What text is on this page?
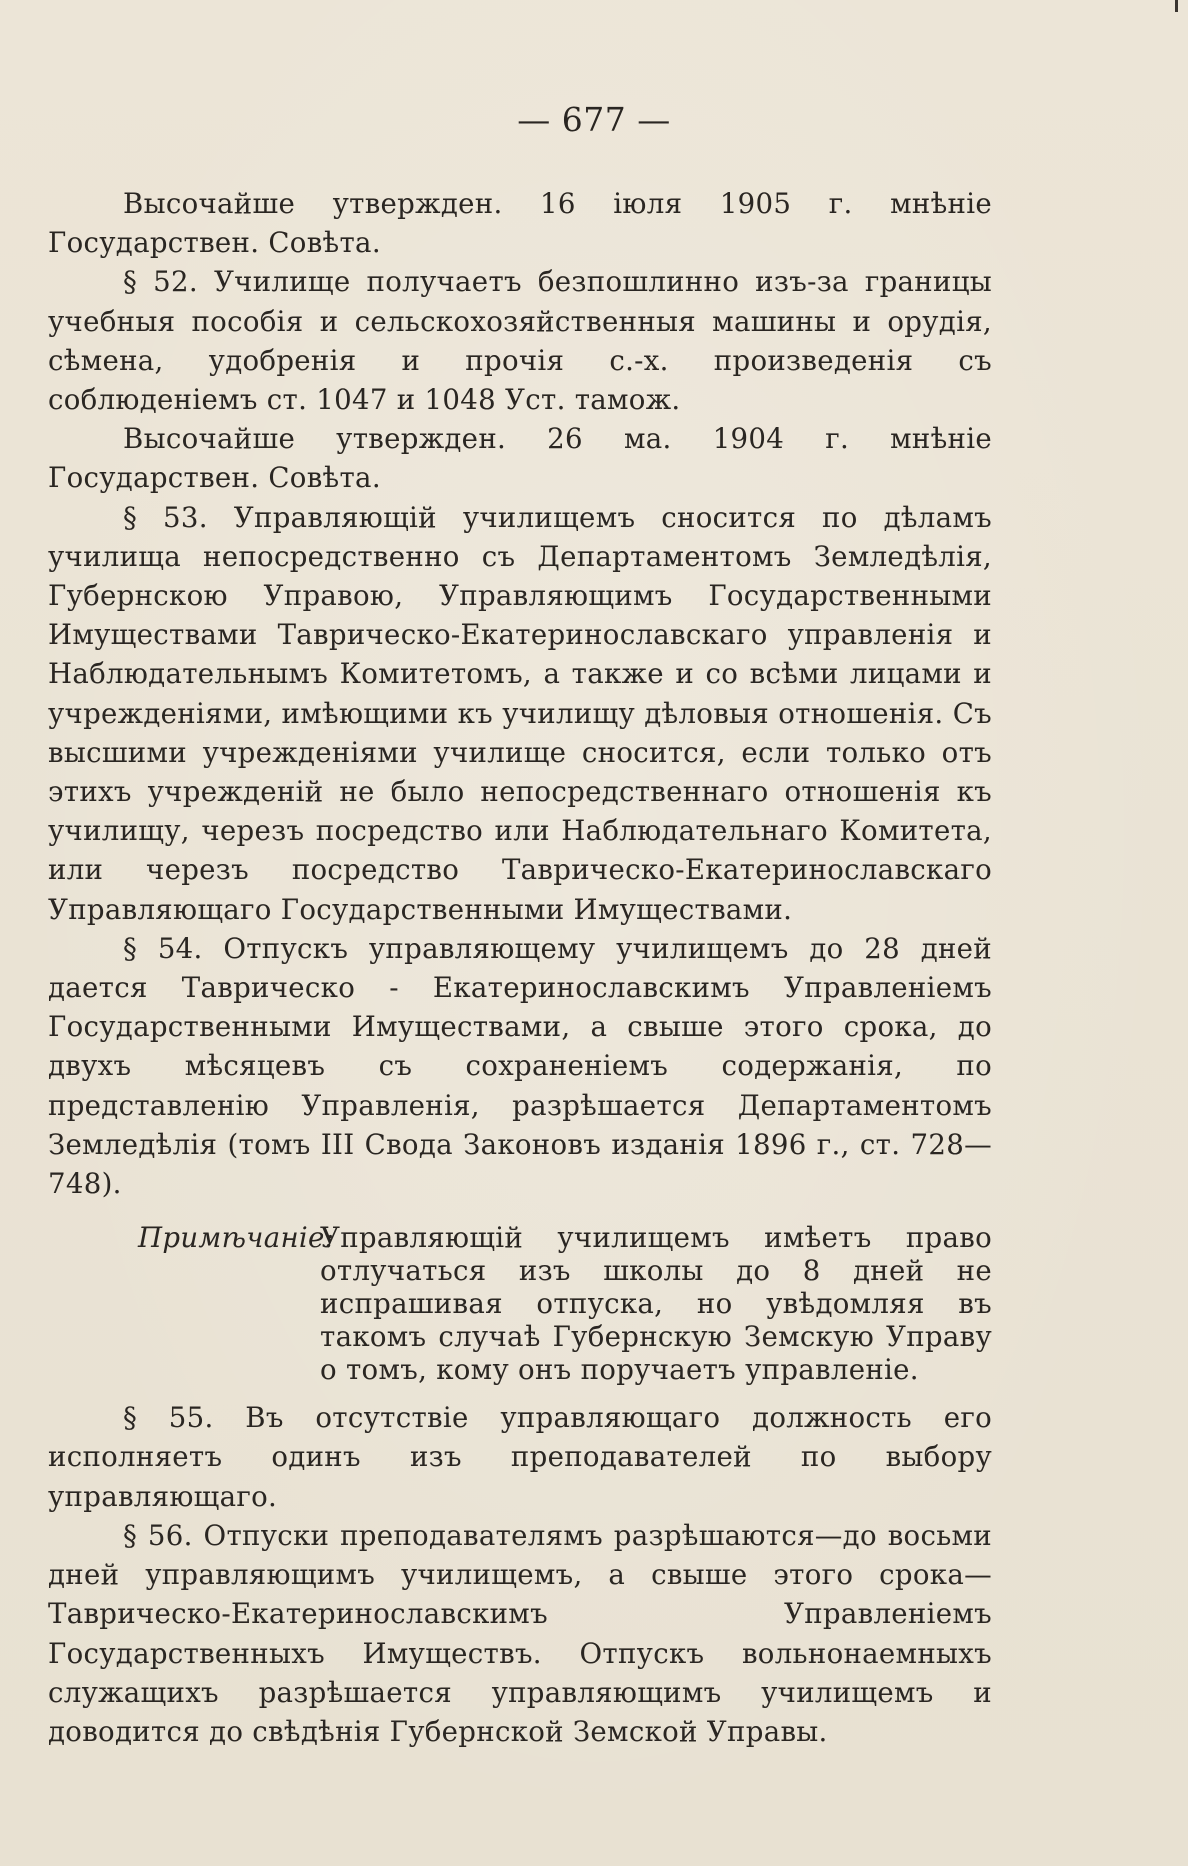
— 677 —

Высочайше утвержден. 16 іюля 1905 г. мнѣніе Государствен. Совѣта.

§ 52. Училище получаетъ безпошлинно изъ-за границы учебныя пособія и сельскохозяйственныя машины и орудія, сѣмена, удобренія и прочія с.-х. произведенія съ соблюденіемъ ст. 1047 и 1048 Уст. тамож.

Высочайше утвержден. 26 ма. 1904 г. мнѣніе Государствен. Совѣта.

§ 53. Управляющій училищемъ сносится по дѣламъ училища непосредственно съ Департаментомъ Земледѣлія, Губернскою Управою, Управляющимъ Государственными Имуществами Таврическо-Екатеринославскаго управленія и Наблюдательнымъ Комитетомъ, а также и со всѣми лицами и учрежденіями, имѣющими къ училищу дѣловыя отношенія. Съ высшими учрежденіями училище сносится, если только отъ этихъ учрежденій не было непосредственнаго отношенія къ училищу, черезъ посредство или Наблюдательнаго Комитета, или черезъ посредство Таврическо-Екатеринославскаго Управляющаго Государственными Имуществами.

§ 54. Отпускъ управляющему училищемъ до 28 дней дается Таврическо - Екатеринославскимъ Управленіемъ Государственными Имуществами, а свыше этого срока, до двухъ мѣсяцевъ съ сохраненіемъ содержанія, по представленію Управленія, разрѣшается Департаментомъ Земледѣлія (томъ III Свода Законовъ изданія 1896 г., ст. 728—748).

Примѣчаніе:
Управляющій училищемъ имѣетъ право отлучаться изъ школы до 8 дней не испрашивая отпуска, но увѣдомляя въ такомъ случаѣ Губернскую Земскую Управу о томъ, кому онъ поручаетъ управленіе.

§ 55. Въ отсутствіе управляющаго должность его исполняетъ одинъ изъ преподавателей по выбору управляющаго.

§ 56. Отпуски преподавателямъ разрѣшаются—до восьми дней управляющимъ училищемъ, а свыше этого срока—Таврическо-Екатеринославскимъ Управленіемъ Государственныхъ Имуществъ. Отпускъ вольнонаемныхъ служащихъ разрѣшается управляющимъ училищемъ и доводится до свѣдѣнія Губернской Земской Управы.
